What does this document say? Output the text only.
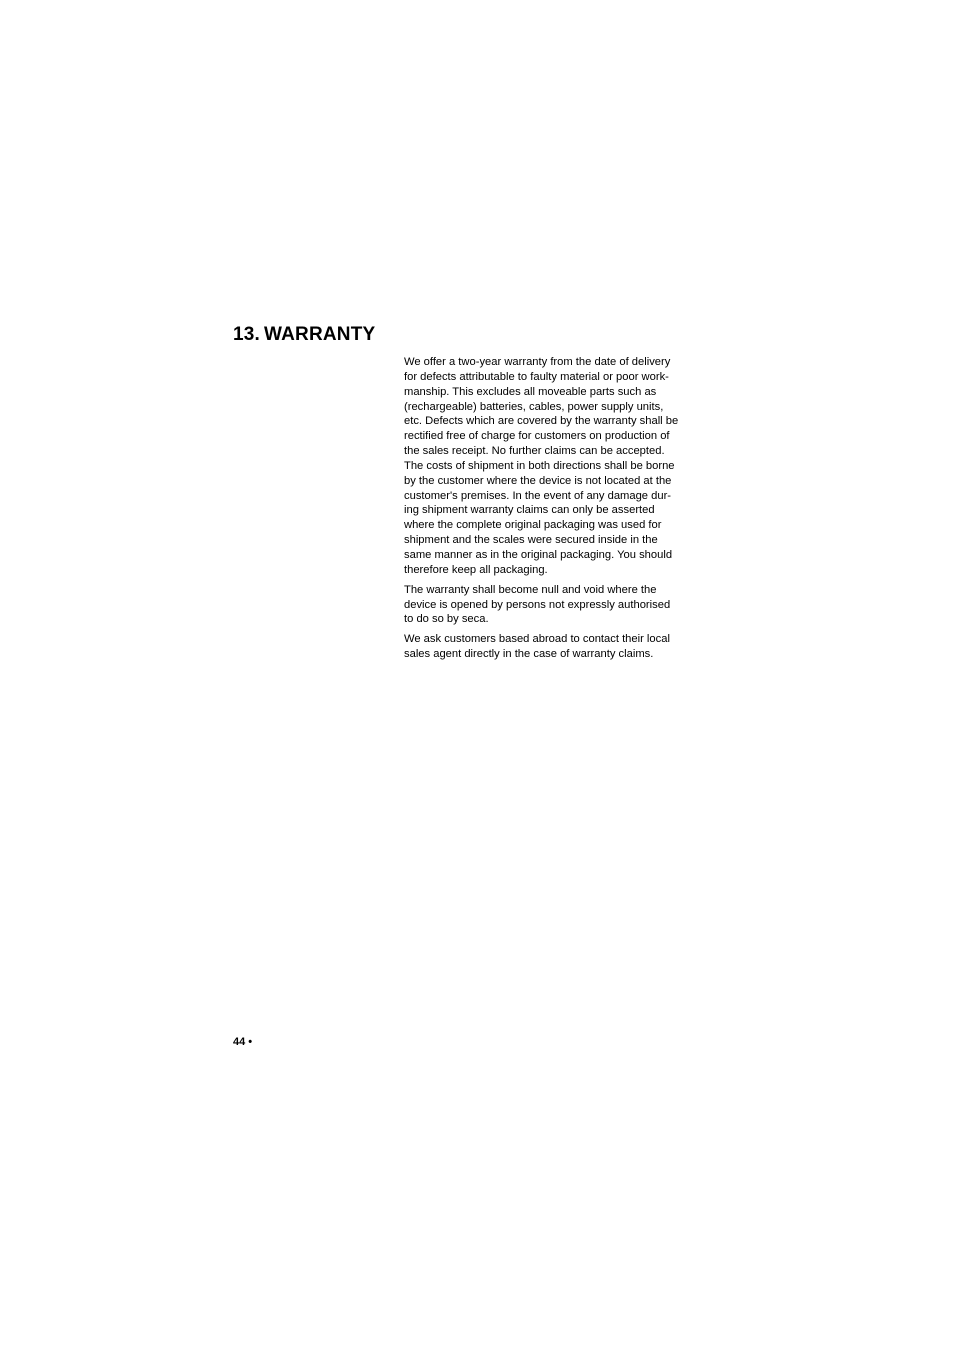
13. WARRANTY

We offer a two-year warranty from the date of delivery
for defects attributable to faulty material or poor work-
manship. This excludes all moveable parts such as
(rechargeable) batteries, cables, power supply units,
etc. Defects which are covered by the warranty shall be
rectified free of charge for customers on production of
the sales receipt. No further claims can be accepted.
The costs of shipment in both directions shall be borne
by the customer where the device is not located at the
customer's premises. In the event of any damage dur-
ing shipment warranty claims can only be asserted
where the complete original packaging was used for
shipment and the scales were secured inside in the
same manner as in the original packaging. You should
therefore keep all packaging.

The warranty shall become null and void where the
device is opened by persons not expressly authorised
to do so by seca.

We ask customers based abroad to contact their local
sales agent directly in the case of warranty claims.

44 •
